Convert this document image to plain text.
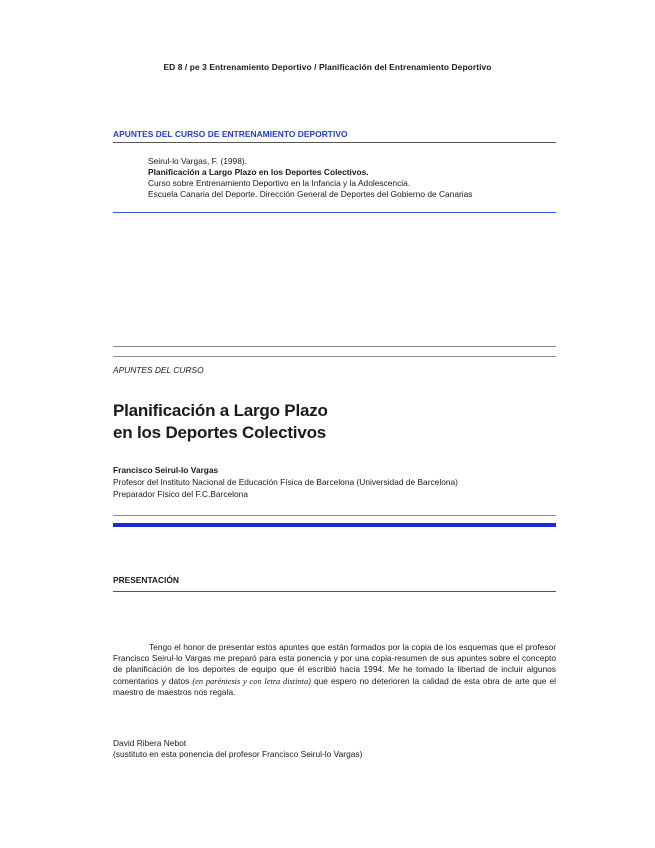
ED 8 / pe 3 Entrenamiento Deportivo / Planificación del Entrenamiento Deportivo
APUNTES DEL CURSO DE ENTRENAMIENTO DEPORTIVO
Seirul-lo Vargas, F. (1998).
Planificación a Largo Plazo en los Deportes Colectivos.
Curso sobre Entrenamiento Deportivo en la Infancia y la Adolescencia.
Escuela Canaria del Deporte. Dirección General de Deportes del Gobierno de Canarias
APUNTES DEL CURSO
Planificación a Largo Plazo
en los Deportes Colectivos
Francisco Seirul-lo Vargas
Profesor del Instituto Nacional de Educación Física de Barcelona (Universidad de Barcelona)
Preparador Físico del F.C.Barcelona
PRESENTACIÓN
Tengo el honor de presentar estos apuntes que están formados por la copia de los esquemas que el profesor Francisco Seirul-lo Vargas me preparó para esta ponencia y por una copia-resumen de sus apuntes sobre el concepto de planificación de los deportes de equipo que él escribió hacia 1994. Me he tomado la libertad de incluir algunos comentarios y datos (en paréntesis y con letra distinta) que espero no deterioren la calidad de esta obra de arte que el maestro de maestros nos regala.
David Ribera Nebot
(sustituto en esta ponencia del profesor Francisco Seirul-lo Vargas)
